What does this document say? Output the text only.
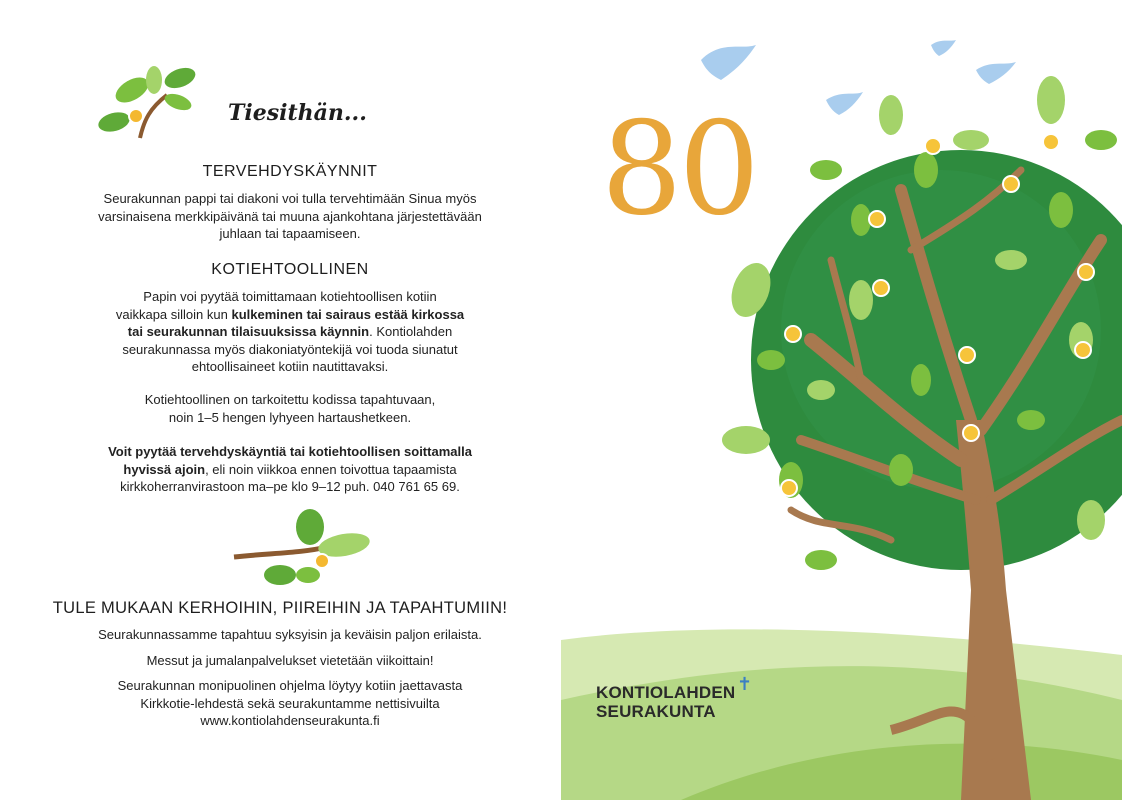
Tiesithän...
TERVEHDYSKÄYNNIT
Seurakunnan pappi tai diakoni voi tulla tervehtimään Sinua myös
varsinaisena merkkipäivänä tai muuna ajankohtana järjestettävään
juhlaan tai tapaamiseen.
KOTIEHTOOLLINEN
Papin voi pyytää toimittamaan kotiehtoollisen kotiin
vaikkapa silloin kun kulkeminen tai sairaus estää kirkossa
tai seurakunnan tilaisuuksissa käynnin. Kontiolahden
seurakunnassa myös diakoniatyöntekijä voi tuoda siunatut
ehtoollisaineet kotiin nautittavaksi.
Kotiehtoollinen on tarkoitettu kodissa tapahtuvaan,
noin 1–5 hengen lyhyeen hartaushetkeen.
Voit pyytää tervehdyskäyntiä tai kotiehtoollisen soittamalla
hyvissä ajoin, eli noin viikkoa ennen toivottua tapaamista
kirkkoherranvirastoon ma–pe klo 9–12 puh. 040 761 65 69.
TULE MUKAAN KERHOIHIN, PIIREIHIN JA TAPAHTUMIIN!
Seurakunnassamme tapahtuu syksyisin ja keväisin paljon erilaista.
Messut ja jumalanpalvelukset vietetään viikoittain!
Seurakunnan monipuolinen ohjelma löytyy kotiin jaettavasta
Kirkkotie-lehdestä sekä seurakuntamme nettisivuilta
www.kontiolahdenseurakunta.fi
80
KONTIOLAHDEN
SEURAKUNTA
✝
